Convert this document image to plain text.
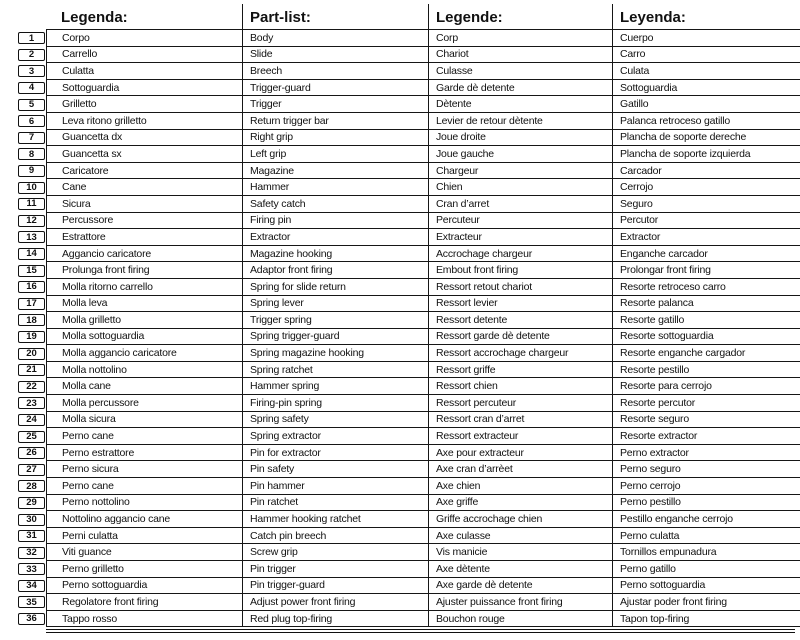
Legenda:	Part-list:	Legende:	Leyenda:
1	Corpo	Body	Corp	Cuerpo
2	Carrello	Slide	Chariot	Carro
3	Culatta	Breech	Culasse	Culata
4	Sottoguardia	Trigger-guard	Garde dè detente	Sottoguardia
5	Grilletto	Trigger	Dètente	Gatillo
6	Leva ritono grilletto	Return trigger bar	Levier de retour dètente	Palanca retroceso gatillo
7	Guancetta dx	Right grip	Joue droite	Plancha de soporte dereche
8	Guancetta sx	Left grip	Joue gauche	Plancha de soporte izquierda
9	Caricatore	Magazine	Chargeur	Carcador
10	Cane	Hammer	Chien	Cerrojo
11	Sicura	Safety catch	Cran d’arret	Seguro
12	Percussore	Firing pin	Percuteur	Percutor
13	Estrattore	Extractor	Extracteur	Extractor
14	Aggancio caricatore	Magazine hooking	Accrochage chargeur	Enganche carcador
15	Prolunga front firing	Adaptor front firing	Embout front firing	Prolongar front firing
16	Molla ritorno carrello	Spring for slide return	Ressort retout chariot	Resorte retroceso carro
17	Molla leva	Spring lever	Ressort levier	Resorte palanca
18	Molla grilletto	Trigger spring	Ressort detente	Resorte gatillo
19	Molla sottoguardia	Spring trigger-guard	Ressort garde dè detente	Resorte sottoguardia
20	Molla aggancio caricatore	Spring magazine hooking	Ressort accrochage chargeur	Resorte enganche cargador
21	Molla nottolino	Spring ratchet	Ressort griffe	Resorte pestillo
22	Molla cane	Hammer spring	Ressort chien	Resorte para cerrojo
23	Molla percussore	Firing-pin spring	Ressort percuteur	Resorte percutor
24	Molla sicura	Spring safety	Ressort cran d’arret	Resorte seguro
25	Perno cane	Spring extractor	Ressort extracteur	Resorte extractor
26	Perno estrattore	Pin for extractor	Axe pour extracteur	Perno extractor
27	Perno sicura	Pin safety	Axe cran d’arrèet	Perno seguro
28	Perno cane	Pin hammer	Axe chien	Perno cerrojo
29	Perno nottolino	Pin ratchet	Axe griffe	Perno pestillo
30	Nottolino aggancio cane	Hammer hooking ratchet	Griffe accrochage chien	Pestillo enganche cerrojo
31	Perni culatta	Catch pin breech	Axe culasse	Perno culatta
32	Viti guance	Screw grip	Vis manicie	Tornillos empunadura
33	Perno grilletto	Pin trigger	Axe dètente	Perno gatillo
34	Perno sottoguardia	Pin trigger-guard	Axe garde dè detente	Perno sottoguardia
35	Regolatore front firing	Adjust power front firing	Ajuster puissance front firing	Ajustar poder front firing
36	Tappo rosso	Red plug top-firing	Bouchon rouge	Tapon top-firing
